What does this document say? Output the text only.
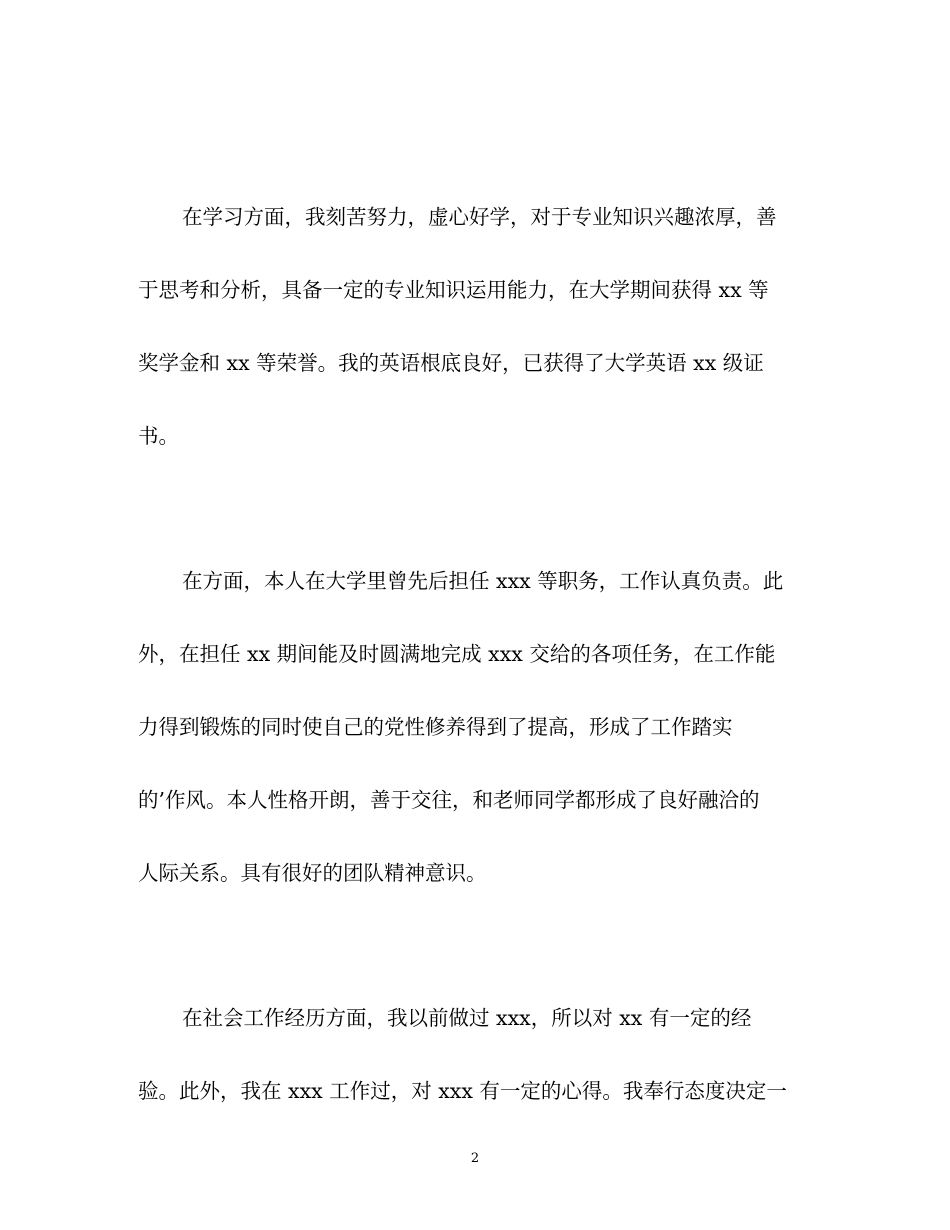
在学习方面，我刻苦努力，虚心好学，对于专业知识兴趣浓厚，善
于思考和分析，具备一定的专业知识运用能力，在大学期间获得 xx 等
奖学金和 xx 等荣誉。我的英语根底良好，已获得了大学英语 xx 级证
书。
在方面，本人在大学里曾先后担任 xxx 等职务，工作认真负责。此
外，在担任 xx 期间能及时圆满地完成 xxx 交给的各项任务，在工作能
力得到锻炼的同时使自己的党性修养得到了提高，形成了工作踏实
的’作风。本人性格开朗，善于交往，和老师同学都形成了良好融洽的
人际关系。具有很好的团队精神意识。
在社会工作经历方面，我以前做过 xxx，所以对 xx 有一定的经
验。此外，我在 xxx 工作过，对 xxx 有一定的心得。我奉行态度决定一
2
